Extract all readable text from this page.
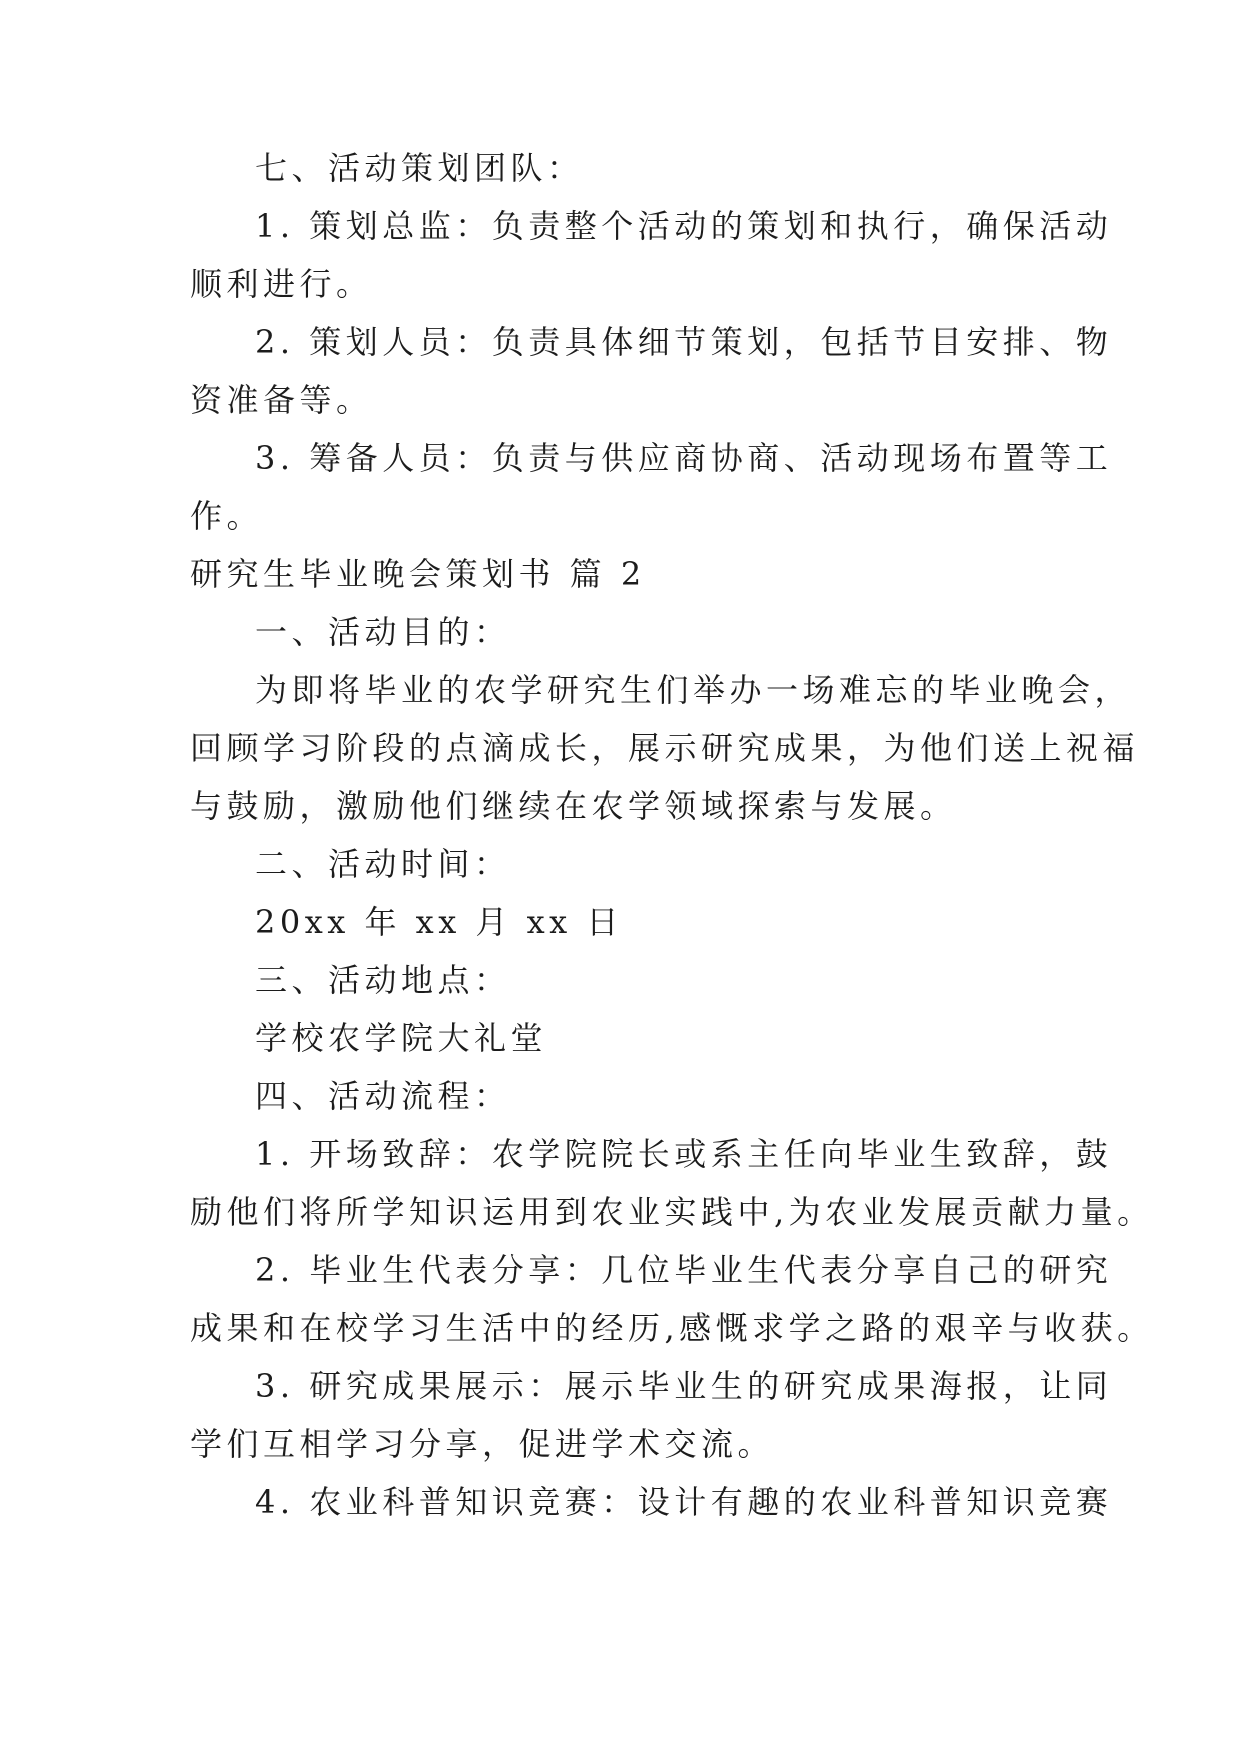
七、活动策划团队：
1. 策划总监：负责整个活动的策划和执行，确保活动
顺利进行。
2. 策划人员：负责具体细节策划，包括节目安排、物
资准备等。
3. 筹备人员：负责与供应商协商、活动现场布置等工
作。
研究生毕业晚会策划书 篇 2
一、活动目的：
为即将毕业的农学研究生们举办一场难忘的毕业晚会，
回顾学习阶段的点滴成长，展示研究成果，为他们送上祝福
与鼓励，激励他们继续在农学领域探索与发展。
二、活动时间：
20xx 年 xx 月 xx 日
三、活动地点：
学校农学院大礼堂
四、活动流程：
1. 开场致辞：农学院院长或系主任向毕业生致辞，鼓
励他们将所学知识运用到农业实践中,为农业发展贡献力量。
2. 毕业生代表分享：几位毕业生代表分享自己的研究
成果和在校学习生活中的经历,感慨求学之路的艰辛与收获。
3. 研究成果展示：展示毕业生的研究成果海报，让同
学们互相学习分享，促进学术交流。
4. 农业科普知识竞赛：设计有趣的农业科普知识竞赛
